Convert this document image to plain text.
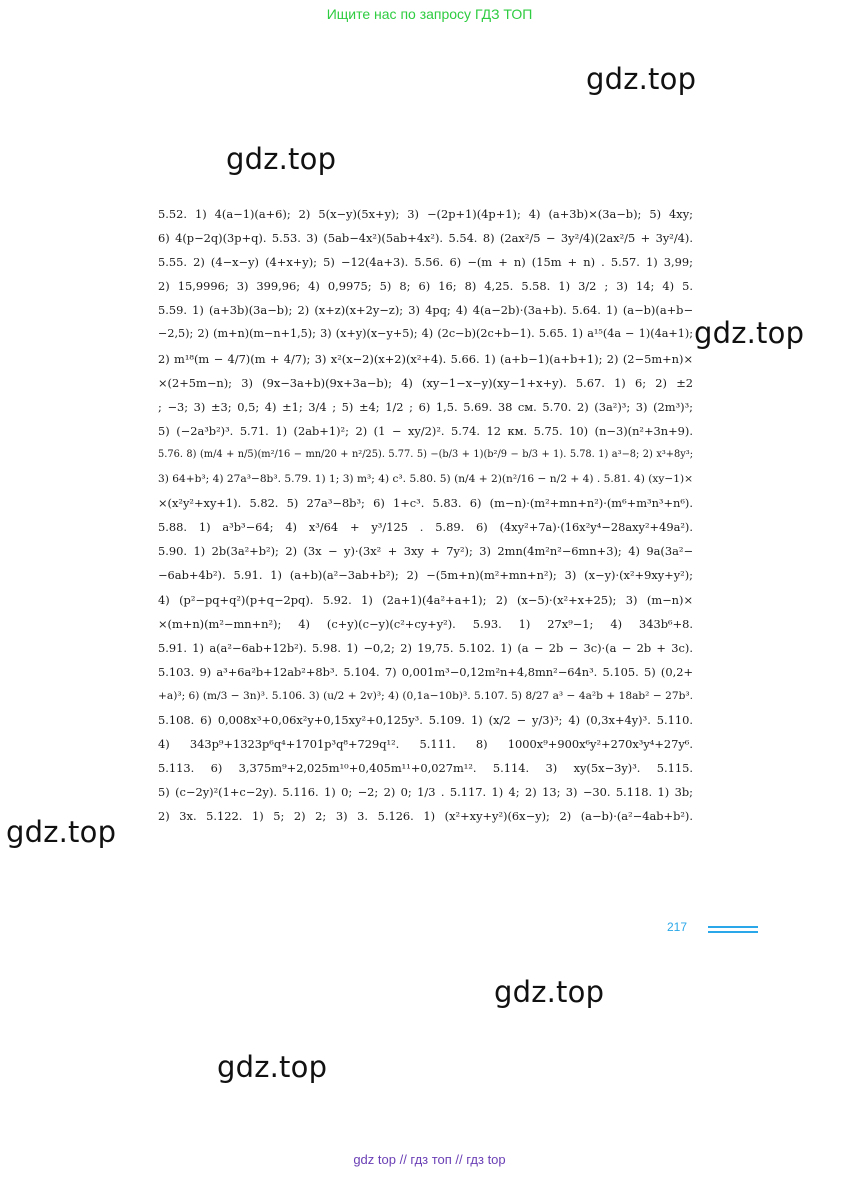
Ищите нас по запросу ГДЗ ТОП
gdz.top
gdz.top
gdz.top
gdz.top
gdz.top
gdz.top
5.52. 1) 4(a−1)(a+6); 2) 5(x−y)(5x+y); 3) −(2p+1)(4p+1); 4) (a+3b)×(3a−b); 5) 4xy;
6) 4(p−2q)(3p+q). 5.53. 3) (5ab−4x²)(5ab+4x²). 5.54. 8) (2ax²/5 − 3y²/4)(2ax²/5 + 3y²/4).
5.55. 2) (4−x−y) (4+x+y); 5) −12(4a+3). 5.56. 6) −(m + n) (15m + n) . 5.57. 1) 3,99;
2) 15,9996; 3) 399,96; 4) 0,9975; 5) 8; 6) 16; 8) 4,25. 5.58. 1) 3/2 ; 3) 14; 4) 5.
5.59. 1) (a+3b)(3a−b); 2) (x+z)(x+2y−z); 3) 4pq; 4) 4(a−2b)·(3a+b). 5.64. 1) (a−b)(a+b−
−2,5); 2) (m+n)(m−n+1,5); 3) (x+y)(x−y+5); 4) (2c−b)(2c+b−1). 5.65. 1) a¹⁵(4a − 1)(4a+1);
2) m¹⁸(m − 4/7)(m + 4/7); 3) x²(x−2)(x+2)(x²+4). 5.66. 1) (a+b−1)(a+b+1); 2) (2−5m+n)×
×(2+5m−n); 3) (9x−3a+b)(9x+3a−b); 4) (xy−1−x−y)(xy−1+x+y). 5.67. 1) 6; 2) ±2
; −3; 3) ±3; 0,5; 4) ±1; 3/4 ; 5) ±4; 1/2 ; 6) 1,5. 5.69. 38 см. 5.70. 2) (3a²)³; 3) (2m³)³;
5) (−2a³b²)³. 5.71. 1) (2ab+1)²; 2) (1 − xy/2)². 5.74. 12 км. 5.75. 10) (n−3)(n²+3n+9).
5.76. 8) (m/4 + n/5)(m²/16 − mn/20 + n²/25). 5.77. 5) −(b/3 + 1)(b²/9 − b/3 + 1). 5.78. 1) a³−8; 2) x³+8y³;
3) 64+b³; 4) 27a³−8b³. 5.79. 1) 1; 3) m³; 4) c³. 5.80. 5) (n/4 + 2)(n²/16 − n/2 + 4) . 5.81. 4) (xy−1)×
×(x²y²+xy+1). 5.82. 5) 27a³−8b³; 6) 1+c³. 5.83. 6) (m−n)·(m²+mn+n²)·(m⁶+m³n³+n⁶).
5.88. 1) a³b³−64; 4) x³/64 + y³/125 . 5.89. 6) (4xy²+7a)·(16x²y⁴−28axy²+49a²).
5.90. 1) 2b(3a²+b²); 2) (3x − y)·(3x² + 3xy + 7y²); 3) 2mn(4m²n²−6mn+3); 4) 9a(3a²−
−6ab+4b²). 5.91. 1) (a+b)(a²−3ab+b²); 2) −(5m+n)(m²+mn+n²); 3) (x−y)·(x²+9xy+y²);
4) (p²−pq+q²)(p+q−2pq). 5.92. 1) (2a+1)(4a²+a+1); 2) (x−5)·(x²+x+25); 3) (m−n)×
×(m+n)(m²−mn+n²); 4) (c+y)(c−y)(c²+cy+y²). 5.93. 1) 27x⁹−1; 4) 343b⁶+8.
5.91. 1) a(a²−6ab+12b²). 5.98. 1) −0,2; 2) 19,75. 5.102. 1) (a − 2b − 3c)·(a − 2b + 3c).
5.103. 9) a³+6a²b+12ab²+8b³. 5.104. 7) 0,001m³−0,12m²n+4,8mn²−64n³. 5.105. 5) (0,2+
+a)³; 6) (m/3 − 3n)³. 5.106. 3) (u/2 + 2v)³; 4) (0,1a−10b)³. 5.107. 5) 8/27 a³ − 4a²b + 18ab² − 27b³.
5.108. 6) 0,008x³+0,06x²y+0,15xy²+0,125y³. 5.109. 1) (x/2 − y/3)³; 4) (0,3x+4y)³. 5.110.
4) 343p⁹+1323p⁶q⁴+1701p³q⁸+729q¹². 5.111. 8) 1000x⁹+900x⁶y²+270x³y⁴+27y⁶.
5.113. 6) 3,375m⁹+2,025m¹⁰+0,405m¹¹+0,027m¹². 5.114. 3) xy(5x−3y)³. 5.115.
5) (c−2y)²(1+c−2y). 5.116. 1) 0; −2; 2) 0; 1/3 . 5.117. 1) 4; 2) 13; 3) −30. 5.118. 1) 3b;
2) 3x. 5.122. 1) 5; 2) 2; 3) 3. 5.126. 1) (x²+xy+y²)(6x−y); 2) (a−b)·(a²−4ab+b²).
217
gdz top // гдз топ // гдз top
